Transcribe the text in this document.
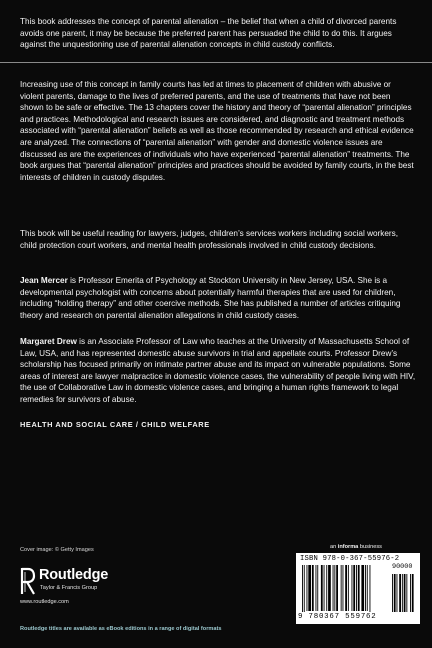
This book addresses the concept of parental alienation – the belief that when a child of divorced parents avoids one parent, it may be because the preferred parent has persuaded the child to do this. It argues against the unquestioning use of parental alienation concepts in child custody conflicts.

Increasing use of this concept in family courts has led at times to placement of children with abusive or violent parents, damage to the lives of preferred parents, and the use of treatments that have not been shown to be safe or effective. The 13 chapters cover the history and theory of “parental alienation” principles and practices. Methodological and research issues are considered, and diagnostic and treatment methods associated with “parental alienation” beliefs as well as those recommended by research and ethical evidence are analyzed. The connections of “parental alienation” with gender and domestic violence issues are discussed as are the experiences of individuals who have experienced “parental alienation” treatments. The book argues that “parental alienation” principles and practices should be avoided by family courts, in the best interests of children in custody disputes.

This book will be useful reading for lawyers, judges, children’s services workers including social workers, child protection court workers, and mental health professionals involved in child custody decisions.

Jean Mercer is Professor Emerita of Psychology at Stockton University in New Jersey, USA. She is a developmental psychologist with concerns about potentially harmful therapies that are used for children, including “holding therapy” and other coercive methods. She has published a number of articles critiquing theory and research on parental alienation allegations in child custody cases.

Margaret Drew is an Associate Professor of Law who teaches at the University of Massachusetts School of Law, USA, and has represented domestic abuse survivors in trial and appellate courts. Professor Drew’s scholarship has focused primarily on intimate partner abuse and its impact on vulnerable populations. Some areas of interest are lawyer malpractice in domestic violence cases, the vulnerability of people living with HIV, the use of Collaborative Law in domestic violence cases, and bringing a human rights framework to legal remedies for survivors of abuse.

HEALTH AND SOCIAL CARE / CHILD WELFARE
Cover image: © Getty Images
Routledge
Taylor & Francis Group
www.routledge.com
Routledge titles are available as eBook editions in a range of digital formats
an informa business
ISBN 978-0-367-55976-2
90000
9 780367 559762
